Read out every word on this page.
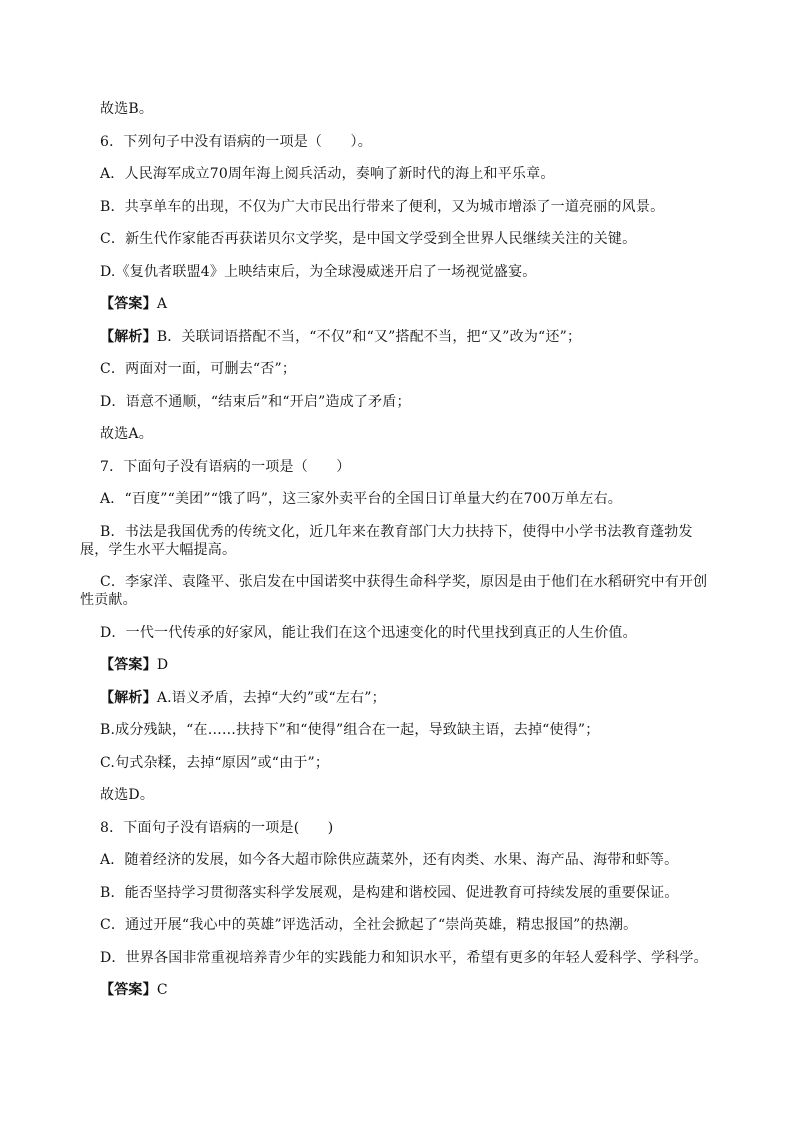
故选B。

6．下列句子中没有语病的一项是（　　）。

A．人民海军成立70周年海上阅兵活动，奏响了新时代的海上和平乐章。

B．共享单车的出现，不仅为广大市民出行带来了便利，又为城市增添了一道亮丽的风景。

C．新生代作家能否再获诺贝尔文学奖，是中国文学受到全世界人民继续关注的关键。

D.《复仇者联盟4》上映结束后，为全球漫威迷开启了一场视觉盛宴。

【答案】A

【解析】B．关联词语搭配不当，“不仅”和“又”搭配不当，把“又”改为“还”；

C．两面对一面，可删去“否”；

D．语意不通顺，“结束后”和“开启”造成了矛盾；

故选A。

7．下面句子没有语病的一项是（　　）

A．“百度”“美团”“饿了吗”，这三家外卖平台的全国日订单量大约在700万单左右。

B．书法是我国优秀的传统文化，近几年来在教育部门大力扶持下，使得中小学书法教育蓬勃发展，学生水平大幅提高。

C．李家洋、袁隆平、张启发在中国诺奖中获得生命科学奖，原因是由于他们在水稻研究中有开创性贡献。

D．一代一代传承的好家风，能让我们在这个迅速变化的时代里找到真正的人生价值。

【答案】D

【解析】A.语义矛盾，去掉“大约”或“左右”；

B.成分残缺，“在……扶持下”和“使得”组合在一起，导致缺主语，去掉“使得”；

C.句式杂糅，去掉“原因”或“由于”；

故选D。

8．下面句子没有语病的一项是(　　)

A．随着经济的发展，如今各大超市除供应蔬菜外，还有肉类、水果、海产品、海带和虾等。

B．能否坚持学习贯彻落实科学发展观，是构建和谐校园、促进教育可持续发展的重要保证。

C．通过开展“我心中的英雄”评选活动，全社会掀起了“崇尚英雄，精忠报国”的热潮。

D．世界各国非常重视培养青少年的实践能力和知识水平，希望有更多的年轻人爱科学、学科学。

【答案】C
